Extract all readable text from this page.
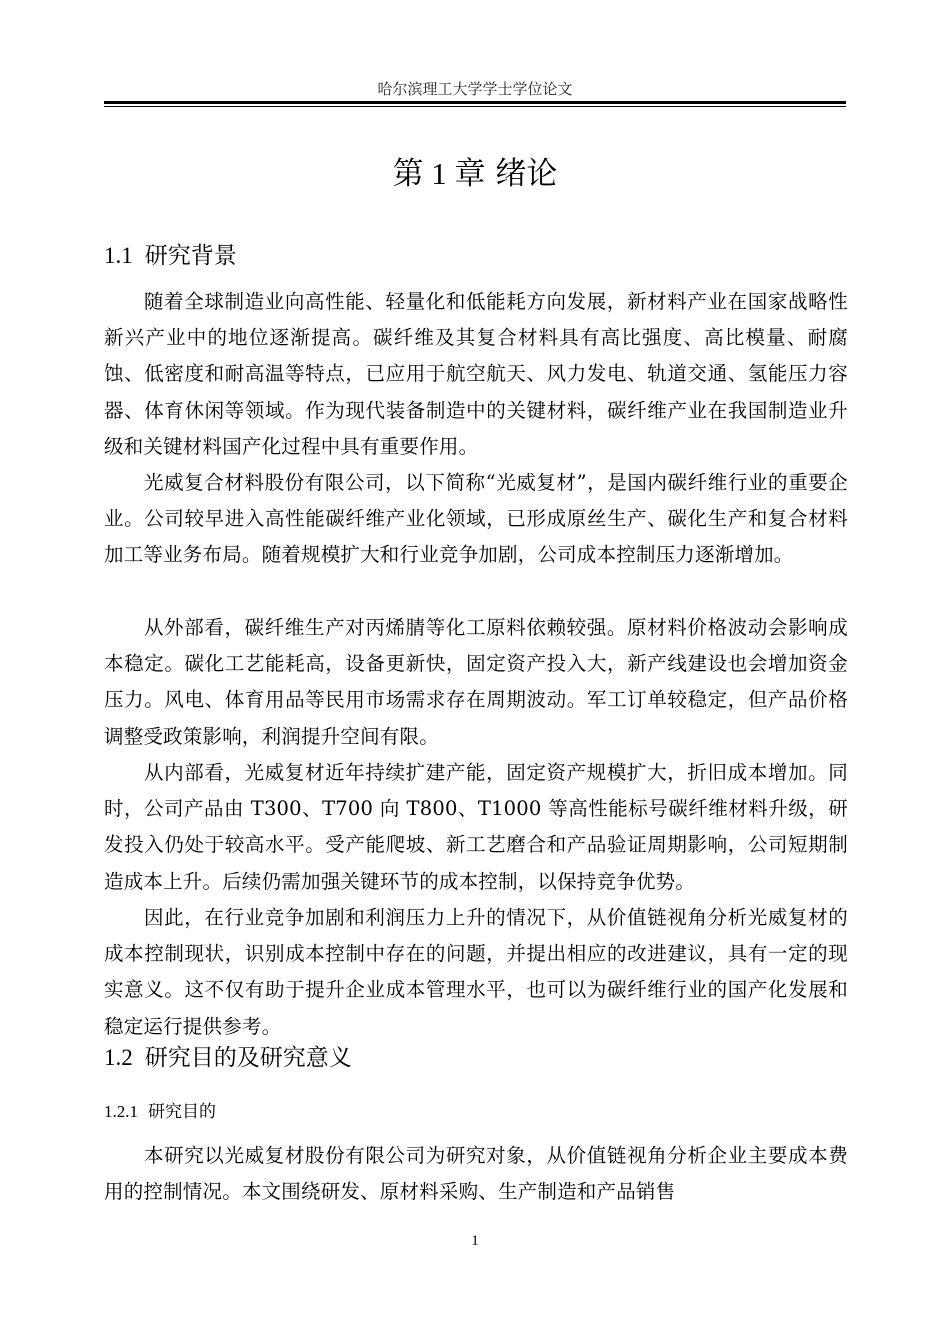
哈尔滨理工大学学士学位论文
第 1 章 绪论
1.1 研究背景

随着全球制造业向高性能、轻量化和低能耗方向发展，新材料产业在国家战略性新兴产业中的地位逐渐提高。碳纤维及其复合材料具有高比强度、高比模量、耐腐蚀、低密度和耐高温等特点，已应用于航空航天、风力发电、轨道交通、氢能压力容器、体育休闲等领域。作为现代装备制造中的关键材料，碳纤维产业在我国制造业升级和关键材料国产化过程中具有重要作用。

光威复合材料股份有限公司，以下简称“光威复材”，是国内碳纤维行业的重要企业。公司较早进入高性能碳纤维产业化领域，已形成原丝生产、碳化生产和复合材料加工等业务布局。随着规模扩大和行业竞争加剧，公司成本控制压力逐渐增加。

从外部看，碳纤维生产对丙烯腈等化工原料依赖较强。原材料价格波动会影响成本稳定。碳化工艺能耗高，设备更新快，固定资产投入大，新产线建设也会增加资金压力。风电、体育用品等民用市场需求存在周期波动。军工订单较稳定，但产品价格调整受政策影响，利润提升空间有限。

从内部看，光威复材近年持续扩建产能，固定资产规模扩大，折旧成本增加。同时，公司产品由 T300、T700 向 T800、T1000 等高性能标号碳纤维材料升级，研发投入仍处于较高水平。受产能爬坡、新工艺磨合和产品验证周期影响，公司短期制造成本上升。后续仍需加强关键环节的成本控制，以保持竞争优势。

因此，在行业竞争加剧和利润压力上升的情况下，从价值链视角分析光威复材的成本控制现状，识别成本控制中存在的问题，并提出相应的改进建议，具有一定的现实意义。这不仅有助于提升企业成本管理水平，也可以为碳纤维行业的国产化发展和稳定运行提供参考。

1.2 研究目的及研究意义
1.2.1 研究目的

本研究以光威复材股份有限公司为研究对象，从价值链视角分析企业主要成本费用的控制情况。本文围绕研发、原材料采购、生产制造和产品销售

1
